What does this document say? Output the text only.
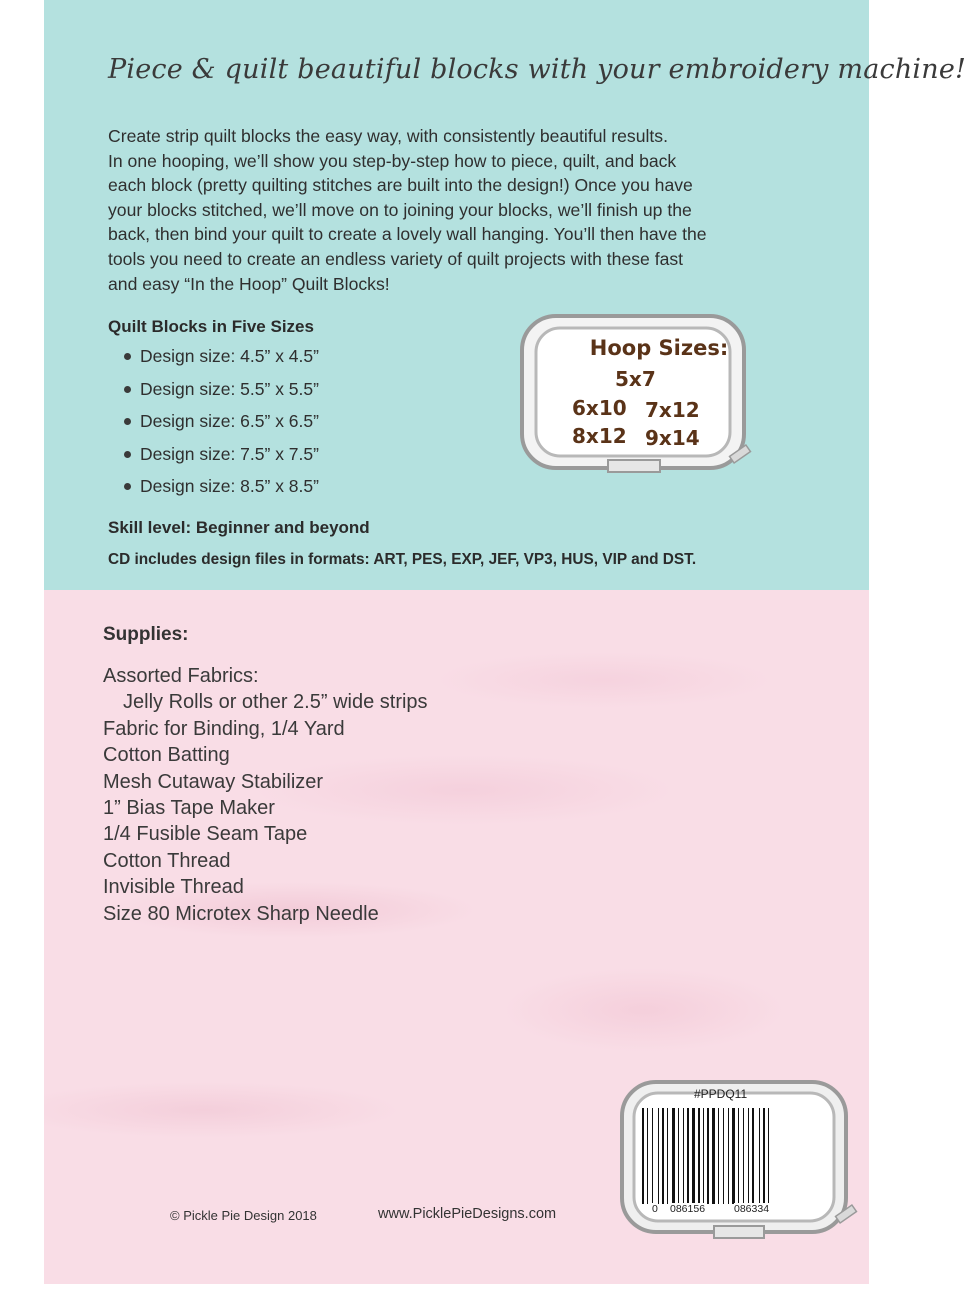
Piece & quilt beautiful blocks with your embroidery machine!
Create strip quilt blocks the easy way, with consistently beautiful results.
In one hooping, we’ll show you step-by-step how to piece, quilt, and back
each block (pretty quilting stitches are built into the design!) Once you have
your blocks stitched, we’ll move on to joining your blocks, we’ll finish up the
back, then bind your quilt to create a lovely wall hanging. You’ll then have the
tools you need to create an endless variety of quilt projects with these fast
and easy “In the Hoop” Quilt Blocks!
Quilt Blocks in Five Sizes
Design size: 4.5” x 4.5”
Design size: 5.5” x 5.5”
Design size: 6.5” x 6.5”
Design size: 7.5” x 7.5”
Design size: 8.5” x 8.5”
Hoop Sizes:
5x7
6x10 7x12
8x12 9x14
Skill level: Beginner and beyond
CD includes design files in formats: ART, PES, EXP, JEF, VP3, HUS, VIP and DST.
Supplies:
Assorted Fabrics:
Jelly Rolls or other 2.5” wide strips
Fabric for Binding, 1/4 Yard
Cotton Batting
Mesh Cutaway Stabilizer
1” Bias Tape Maker
1/4 Fusible Seam Tape
Cotton Thread
Invisible Thread
Size 80 Microtex Sharp Needle
© Pickle Pie Design 2018	www.PicklePieDesigns.com
#PPDQ11
0 086156	086334
